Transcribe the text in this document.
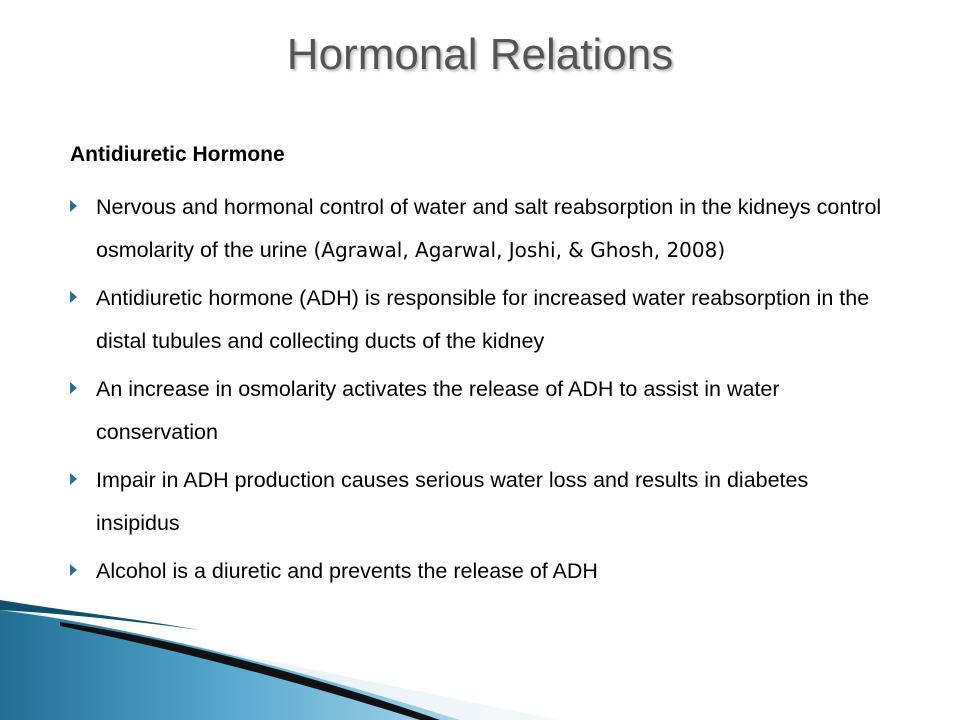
Hormonal Relations

Antidiuretic Hormone

Nervous and hormonal control of water and salt reabsorption in the kidneys control osmolarity of the urine (Agrawal, Agarwal, Joshi, & Ghosh, 2008)
Antidiuretic hormone (ADH) is responsible for increased water reabsorption in the distal tubules and collecting ducts of the kidney
An increase in osmolarity activates the release of ADH to assist in water conservation
Impair in ADH production causes serious water loss and results in diabetes insipidus
Alcohol is a diuretic and prevents the release of ADH
